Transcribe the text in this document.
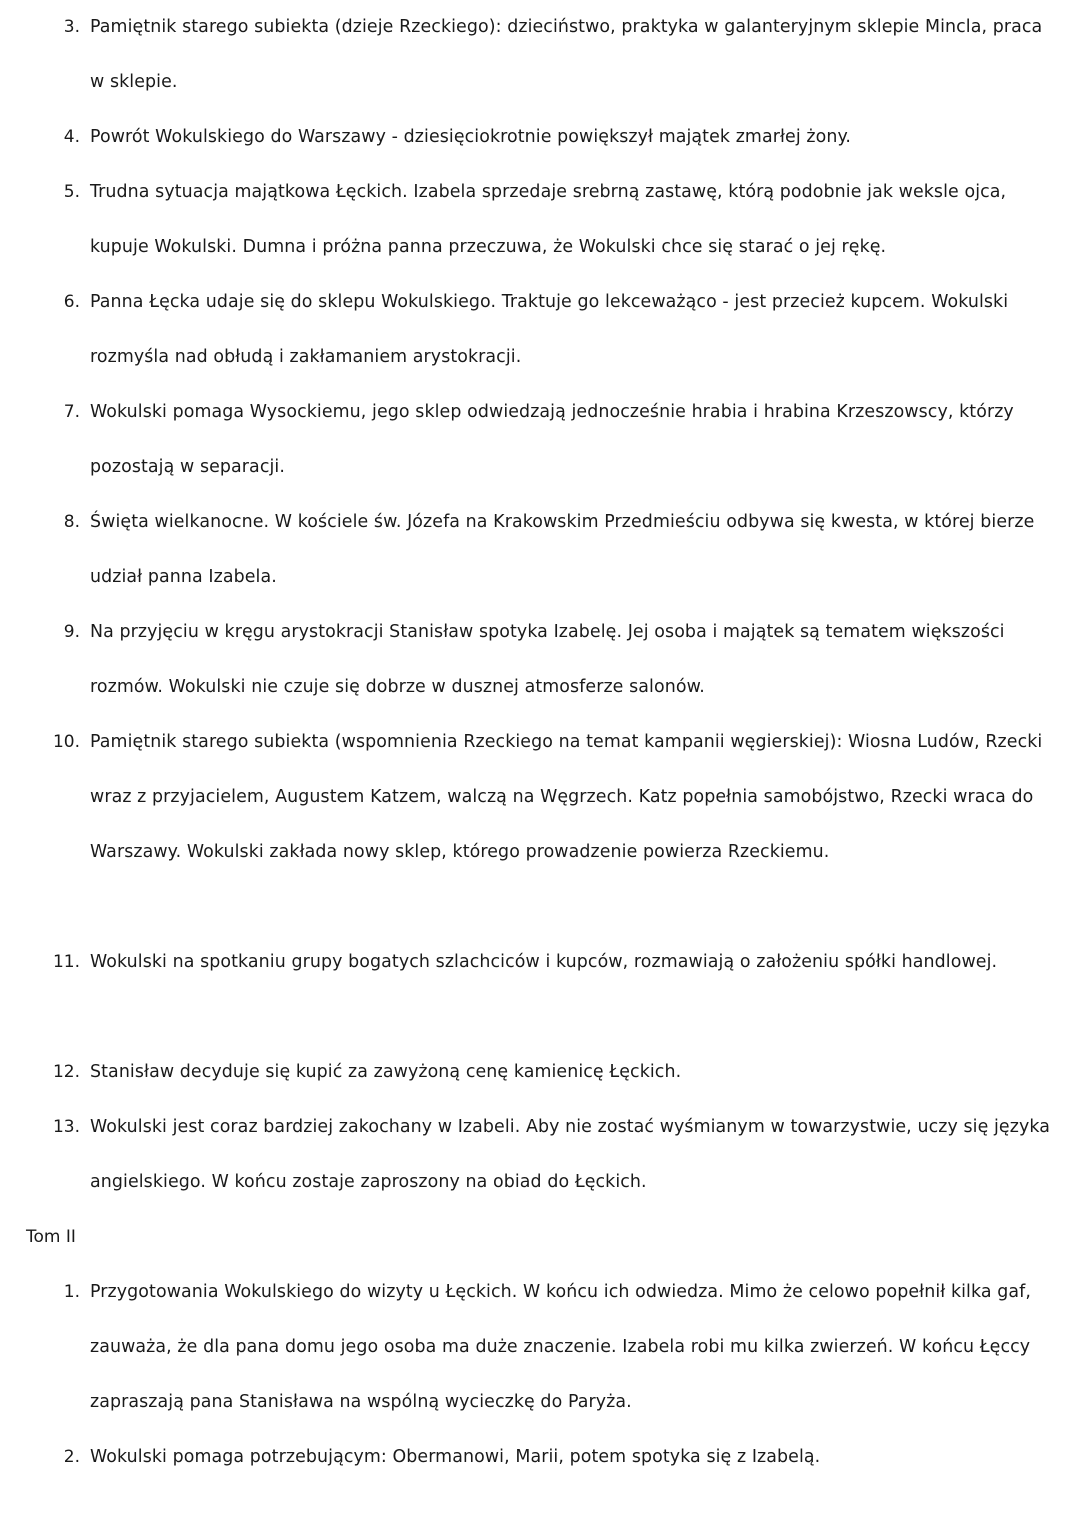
3. Pamiętnik starego subiekta (dzieje Rzeckiego): dzieciństwo, praktyka w galanteryjnym sklepie Mincla, praca w sklepie.
4. Powrót Wokulskiego do Warszawy - dziesięciokrotnie powiększył majątek zmarłej żony.
5. Trudna sytuacja majątkowa Łęckich. Izabela sprzedaje srebrną zastawę, którą podobnie jak weksle ojca, kupuje Wokulski. Dumna i próżna panna przeczuwa, że Wokulski chce się starać o jej rękę.
6. Panna Łęcka udaje się do sklepu Wokulskiego. Traktuje go lekceważąco - jest przecież kupcem. Wokulski rozmyśla nad obłudą i zakłamaniem arystokracji.
7. Wokulski pomaga Wysockiemu, jego sklep odwiedzają jednocześnie hrabia i hrabina Krzeszowscy, którzy pozostają w separacji.
8. Święta wielkanocne. W kościele św. Józefa na Krakowskim Przedmieściu odbywa się kwesta, w której bierze udział panna Izabela.
9. Na przyjęciu w kręgu arystokracji Stanisław spotyka Izabelę. Jej osoba i majątek są tematem większości rozmów. Wokulski nie czuje się dobrze w dusznej atmosferze salonów.
10. Pamiętnik starego subiekta (wspomnienia Rzeckiego na temat kampanii węgierskiej): Wiosna Ludów, Rzecki wraz z przyjacielem, Augustem Katzem, walczą na Węgrzech. Katz popełnia samobójstwo, Rzecki wraca do Warszawy. Wokulski zakłada nowy sklep, którego prowadzenie powierza Rzeckiemu.
11. Wokulski na spotkaniu grupy bogatych szlachciców i kupców, rozmawiają o założeniu spółki handlowej.
12. Stanisław decyduje się kupić za zawyżoną cenę kamienicę Łęckich.
13. Wokulski jest coraz bardziej zakochany w Izabeli. Aby nie zostać wyśmianym w towarzystwie, uczy się języka angielskiego. W końcu zostaje zaproszony na obiad do Łęckich.
Tom II
1. Przygotowania Wokulskiego do wizyty u Łęckich. W końcu ich odwiedza. Mimo że celowo popełnił kilka gaf, zauważa, że dla pana domu jego osoba ma duże znaczenie. Izabela robi mu kilka zwierzeń. W końcu Łęccy zapraszają pana Stanisława na wspólną wycieczkę do Paryża.
2. Wokulski pomaga potrzebującym: Obermanowi, Marii, potem spotyka się z Izabelą.
